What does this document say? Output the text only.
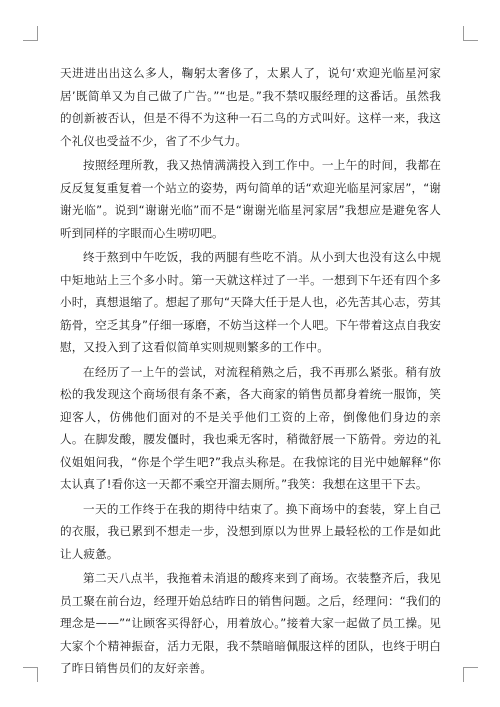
天进进出出这么多人，鞠躬太奢侈了，太累人了，说句‘欢迎光临星河家居’既简单又为自己做了广告。”“也是。”我不禁叹服经理的这番话。虽然我的创新被否认，但是不得不为这种一石二鸟的方式叫好。这样一来，我这个礼仪也受益不少，省了不少气力。

按照经理所教，我又热情满满投入到工作中。一上午的时间，我都在反反复复重复着一个站立的姿势，两句简单的话“欢迎光临星河家居”，“谢谢光临”。说到“谢谢光临”而不是“谢谢光临星河家居”我想应是避免客人听到同样的字眼而心生唠叨吧。

终于熬到中午吃饭，我的两腿有些吃不消。从小到大也没有这么中规中矩地站上三个多小时。第一天就这样过了一半。一想到下午还有四个多小时，真想退缩了。想起了那句“天降大任于是人也，必先苦其心志，劳其筋骨，空乏其身”仔细一琢磨，不妨当这样一个人吧。下午带着这点自我安慰，又投入到了这看似简单实则规则繁多的工作中。

在经历了一上午的尝试，对流程稍熟之后，我不再那么紧张。稍有放松的我发现这个商场很有条不紊，各大商家的销售员都身着统一服饰，笑迎客人，仿佛他们面对的不是关乎他们工资的上帝，倒像他们身边的亲人。在脚发酸，腰发僵时，我也乘无客时，稍微舒展一下筋骨。旁边的礼仪姐姐问我，“你是个学生吧?”我点头称是。在我惊诧的目光中她解释“你太认真了!看你这一天都不乘空开溜去厕所。”我笑：我想在这里干下去。

一天的工作终于在我的期待中结束了。换下商场中的套装，穿上自己的衣服，我已累到不想走一步，没想到原以为世界上最轻松的工作是如此让人疲惫。

第二天八点半，我拖着未消退的酸疼来到了商场。衣装整齐后，我见员工聚在前台边，经理开始总结昨日的销售问题。之后，经理问：“我们的理念是——”“让顾客买得舒心，用着放心。”接着大家一起做了员工操。见大家个个精神振奋，活力无限，我不禁暗暗佩服这样的团队，也终于明白了昨日销售员们的友好亲善。
